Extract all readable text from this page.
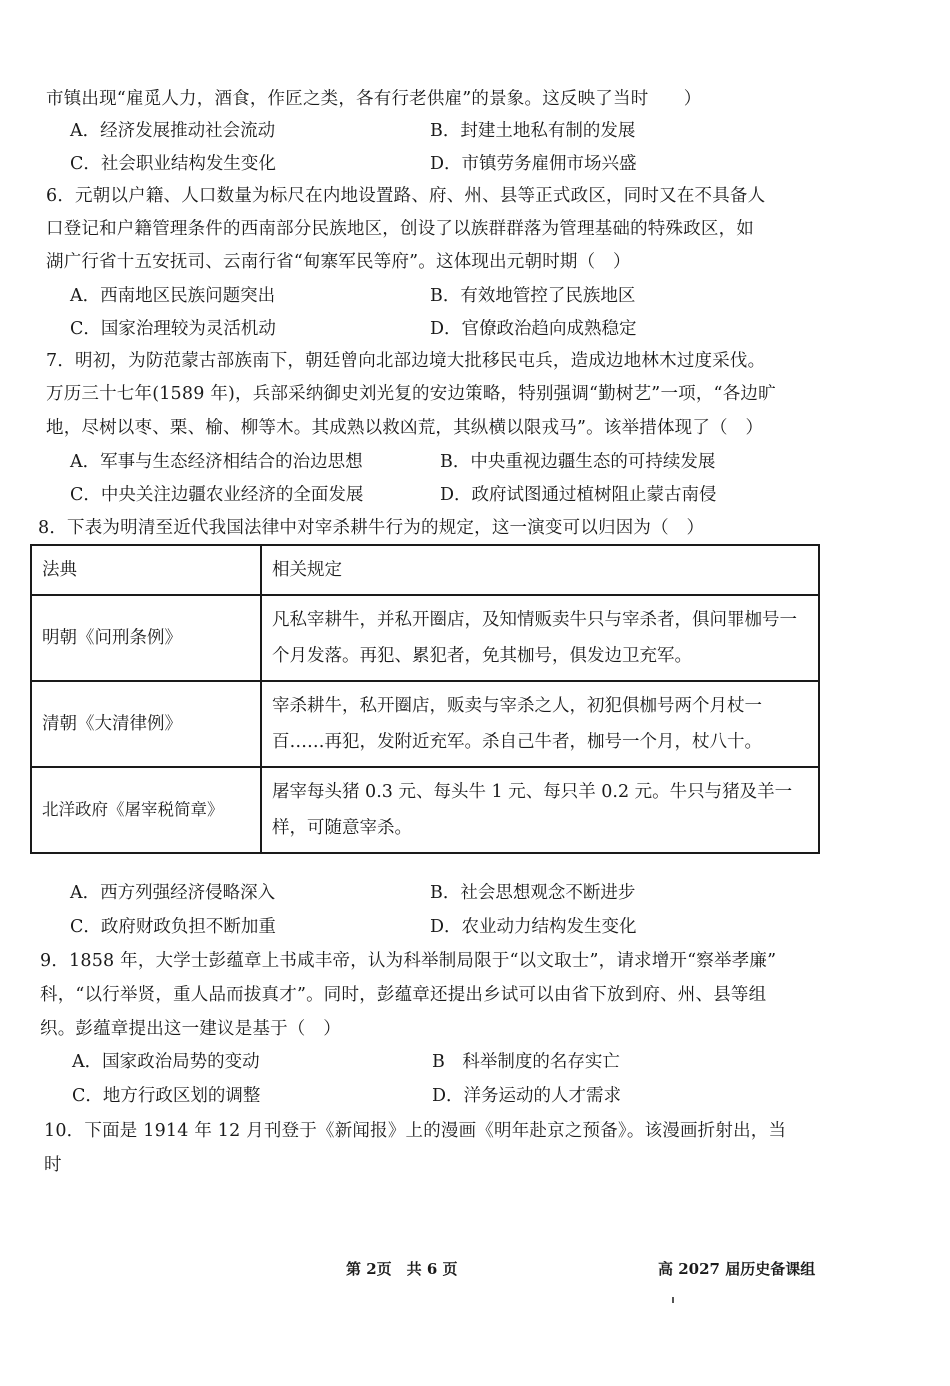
市镇出现“雇觅人力，酒食，作匠之类，各有行老供雇”的景象。这反映了当时　　）
A．经济发展推动社会流动	B．封建土地私有制的发展
C．社会职业结构发生变化	D．市镇劳务雇佣市场兴盛
6．元朝以户籍、人口数量为标尺在内地设置路、府、州、县等正式政区，同时又在不具备人
口登记和户籍管理条件的西南部分民族地区，创设了以族群群落为管理基础的特殊政区，如
湖广行省十五安抚司、云南行省“甸寨军民等府”。这体现出元朝时期（　）
A．西南地区民族问题突出	B．有效地管控了民族地区
C．国家治理较为灵活机动	D．官僚政治趋向成熟稳定
7．明初，为防范蒙古部族南下，朝廷曾向北部边境大批移民屯兵，造成边地林木过度采伐。
万历三十七年(1589 年)，兵部采纳御史刘光复的安边策略，特别强调“勤树艺”一项，“各边旷
地，尽树以枣、栗、榆、柳等木。其成熟以救凶荒，其纵横以限戎马”。该举措体现了（　）
A．军事与生态经济相结合的治边思想	B．中央重视边疆生态的可持续发展
C．中央关注边疆农业经济的全面发展	D．政府试图通过植树阻止蒙古南侵
8．下表为明清至近代我国法律中对宰杀耕牛行为的规定，这一演变可以归因为（　）
法典	相关规定
明朝《问刑条例》	凡私宰耕牛，并私开圈店，及知情贩卖牛只与宰杀者，俱问罪枷号一个月发落。再犯、累犯者，免其枷号，俱发边卫充军。
清朝《大清律例》	宰杀耕牛，私开圈店，贩卖与宰杀之人，初犯俱枷号两个月杖一百……再犯，发附近充军。杀自己牛者，枷号一个月，杖八十。
北洋政府《屠宰税简章》	屠宰每头猪 0.3 元、每头牛 1 元、每只羊 0.2 元。牛只与猪及羊一样，可随意宰杀。
A．西方列强经济侵略深入	B．社会思想观念不断进步
C．政府财政负担不断加重	D．农业动力结构发生变化
9．1858 年，大学士彭蕴章上书咸丰帝，认为科举制局限于“以文取士”，请求增开“察举孝廉”
科，“以行举贤，重人品而拔真才”。同时，彭蕴章还提出乡试可以由省下放到府、州、县等组
织。彭蕴章提出这一建议是基于（　）
A．国家政治局势的变动	B　科举制度的名存实亡
C．地方行政区划的调整	D．洋务运动的人才需求
10．下面是 1914 年 12 月刊登于《新闻报》上的漫画《明年赴京之预备》。该漫画折射出，当
时
第 2页　共 6 页	高 2027 届历史备课组
